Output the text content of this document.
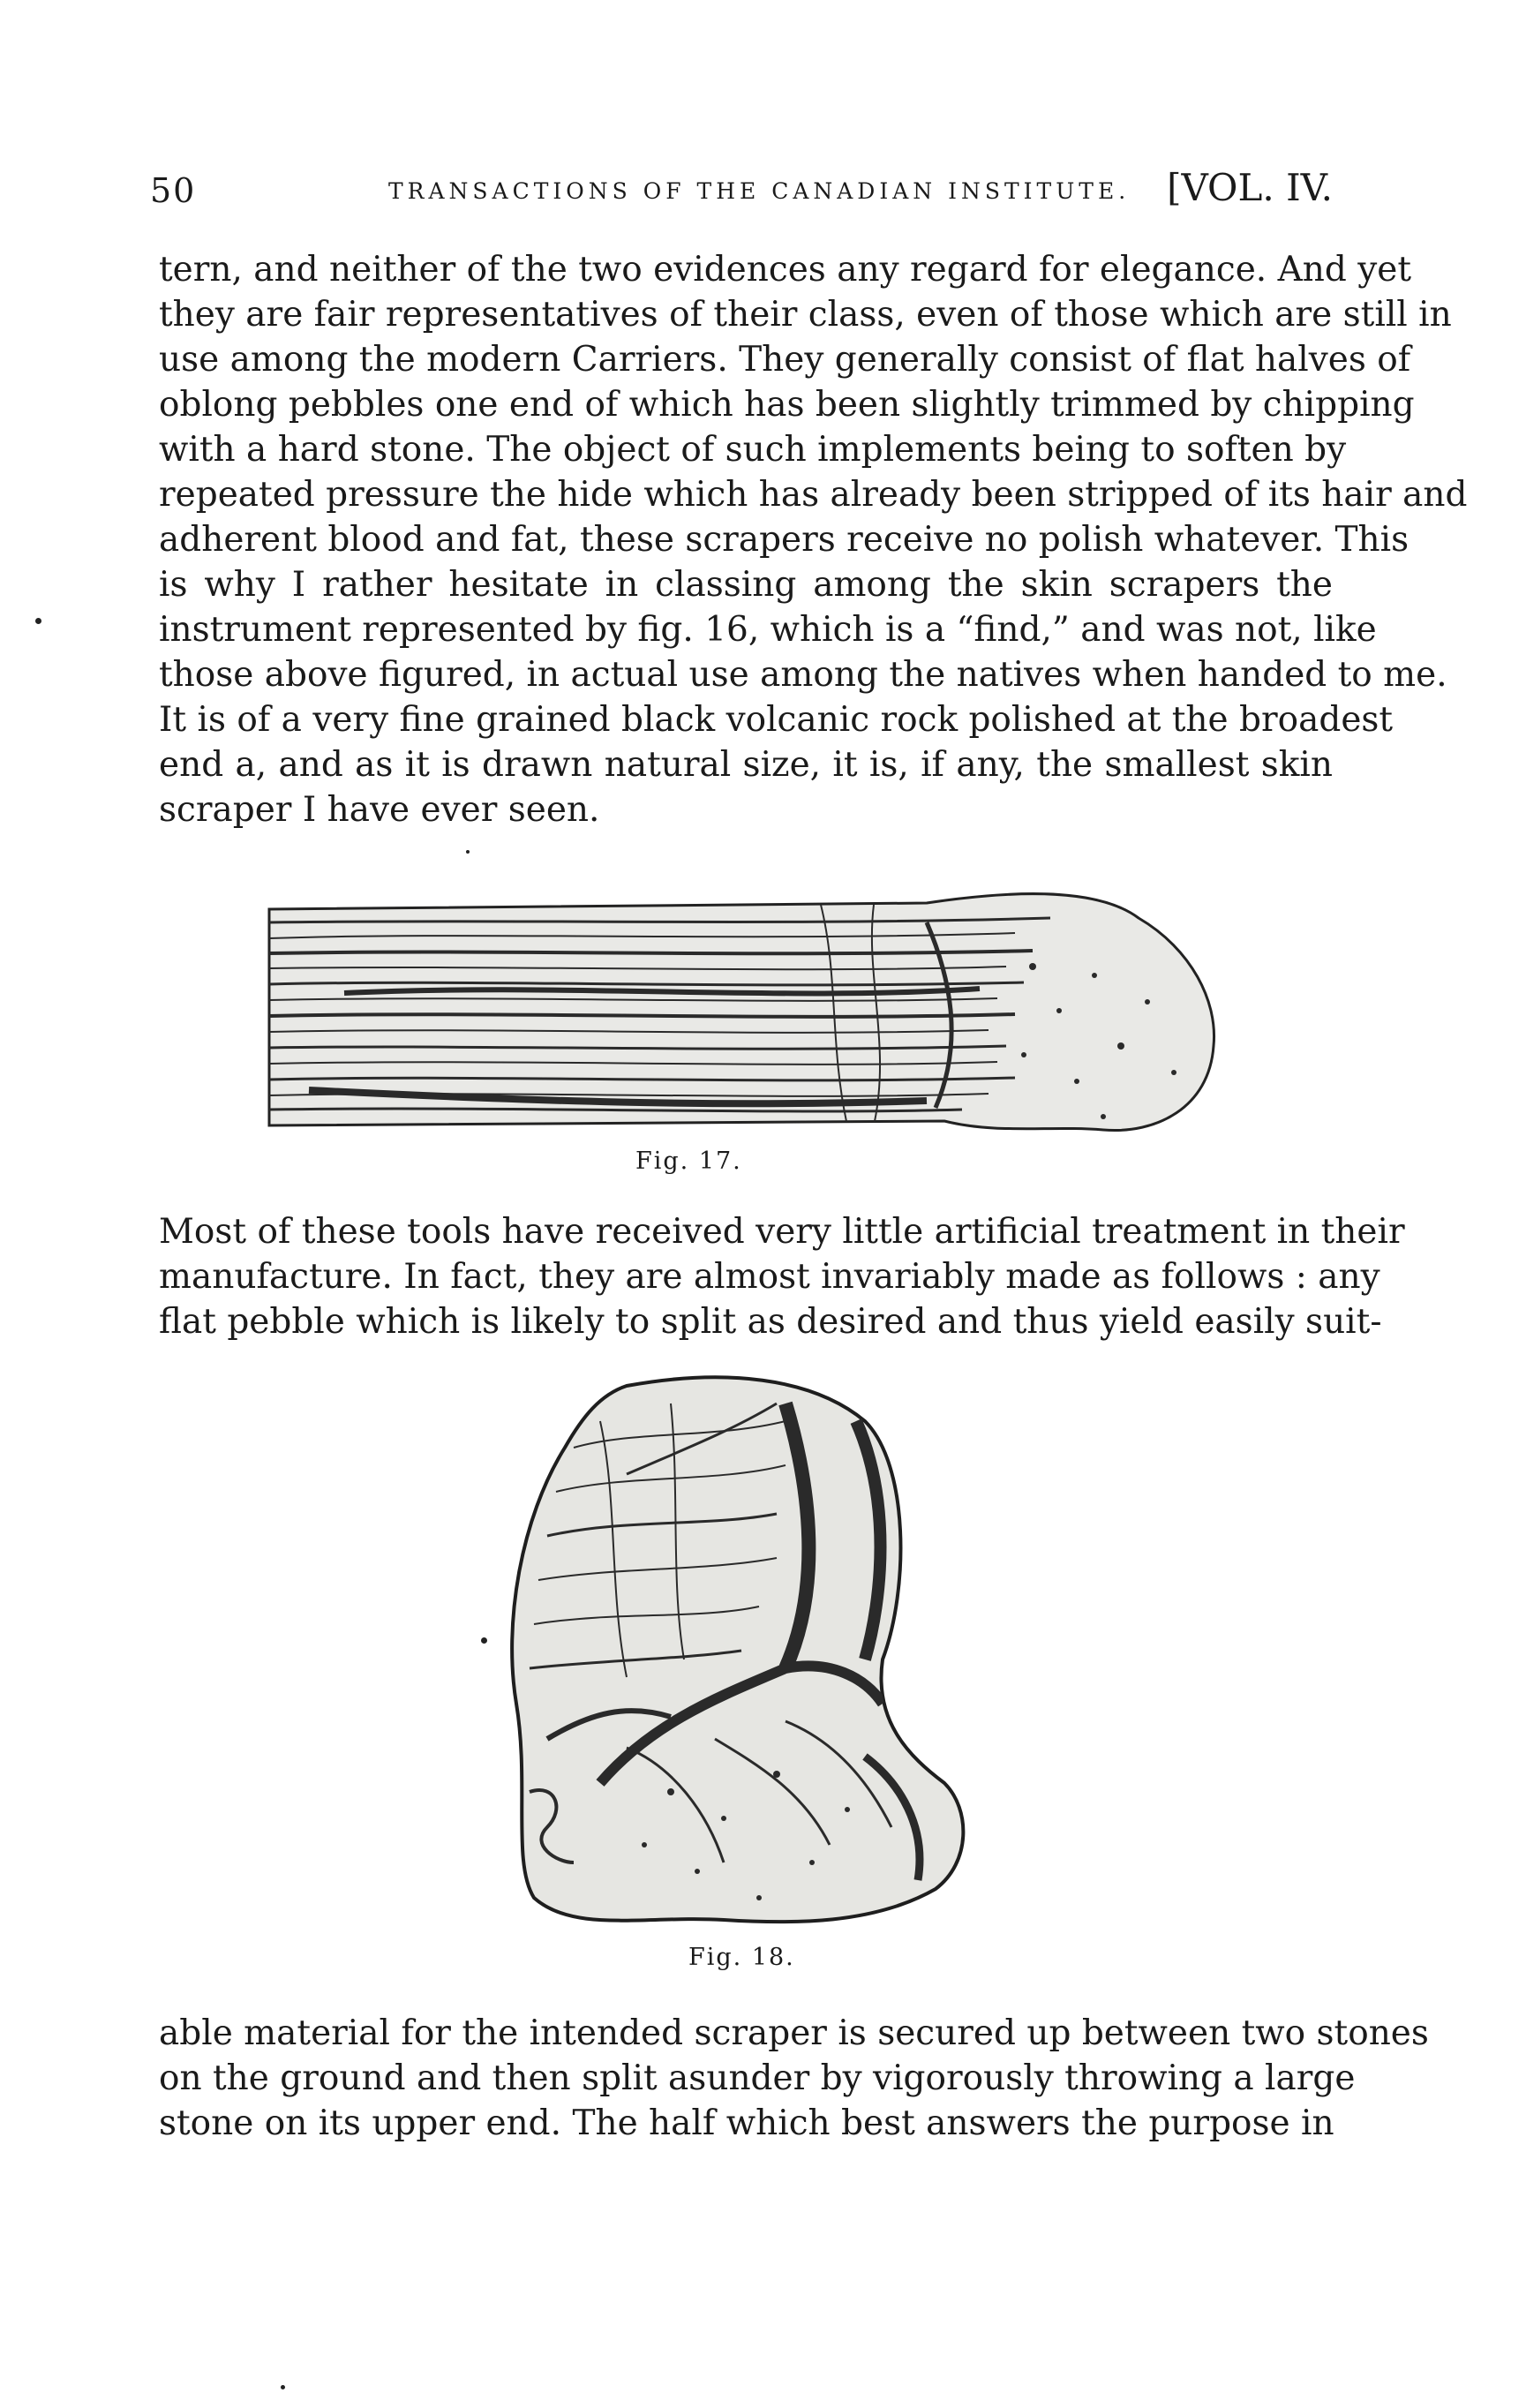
50	TRANSACTIONS OF THE CANADIAN INSTITUTE. [VOL. IV.
tern, and neither of the two evidences any regard for elegance. And yet
they are fair representatives of their class, even of those which are still in
use among the modern Carriers. They generally consist of flat halves of
oblong pebbles one end of which has been slightly trimmed by chipping
with a hard stone. The object of such implements being to soften by
repeated pressure the hide which has already been stripped of its hair and
adherent blood and fat, these scrapers receive no polish whatever. This
is why I rather hesitate in classing among the skin scrapers the
instrument represented by fig. 16, which is a “find,” and was not, like
those above figured, in actual use among the natives when handed to me.
It is of a very fine grained black volcanic rock polished at the broadest
end a, and as it is drawn natural size, it is, if any, the smallest skin
scraper I have ever seen.
Fig. 17.
Most of these tools have received very little artificial treatment in their
manufacture. In fact, they are almost invariably made as follows : any
flat pebble which is likely to split as desired and thus yield easily suit-
Fig. 18.
able material for the intended scraper is secured up between two stones
on the ground and then split asunder by vigorously throwing a large
stone on its upper end. The half which best answers the purpose in
